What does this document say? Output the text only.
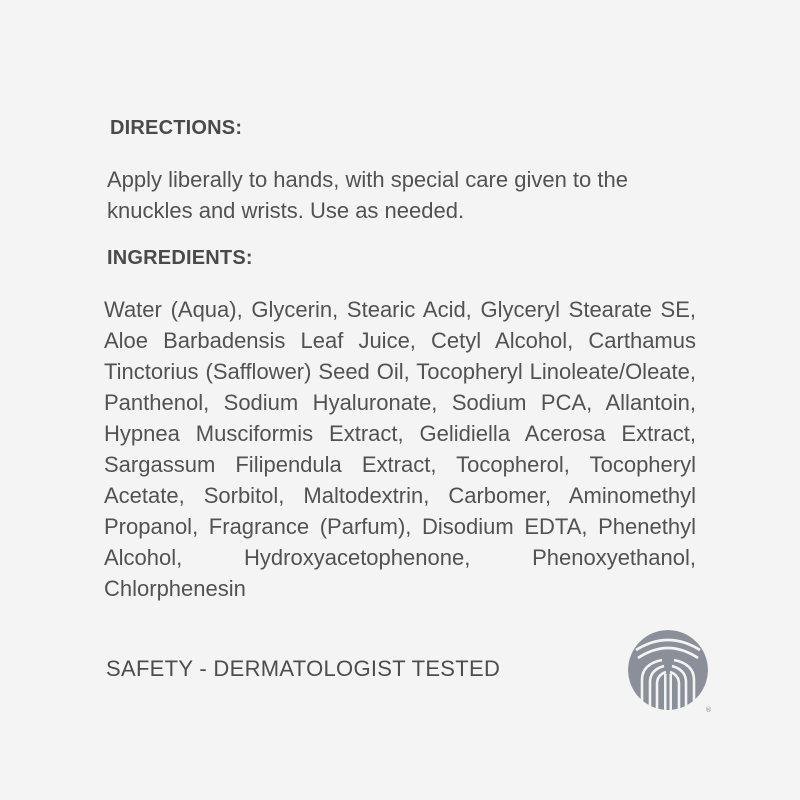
DIRECTIONS:

Apply liberally to hands, with special care given to the knuckles and wrists. Use as needed.

INGREDIENTS:

Water (Aqua), Glycerin, Stearic Acid, Glyceryl Stearate SE, Aloe Barbadensis Leaf Juice, Cetyl Alcohol, Carthamus Tinctorius (Safflower) Seed Oil, Tocopheryl Linoleate/Oleate, Panthenol, Sodium Hyaluronate, Sodium PCA, Allantoin, Hypnea Musciformis Extract, Gelidiella Acerosa Extract, Sargassum Filipendula Extract, Tocopherol, Tocopheryl Acetate, Sorbitol, Maltodextrin, Carbomer, Aminomethyl Propanol, Fragrance (Parfum), Disodium EDTA, Phenethyl Alcohol, Hydroxyacetophenone, Phenoxyethanol, Chlorphenesin

SAFETY - DERMATOLOGIST TESTED

®
